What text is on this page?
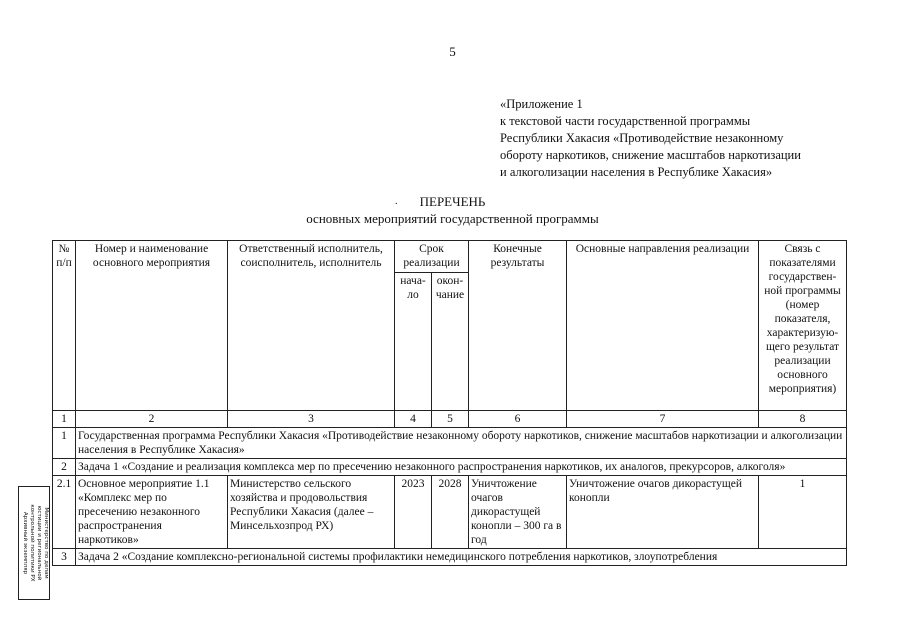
5
«Приложение 1
к текстовой части государственной программы
Республики Хакасия «Противодействие незаконному
обороту наркотиков, снижение масштабов наркотизации
и алкоголизации населения в Республике Хакасия»
.	ПЕРЕЧЕНЬ
основных мероприятий государственной программы
№ п/п	Номер и наименование основного мероприятия	Ответственный исполнитель, соисполнитель, исполнитель	Срок реализации		Конечные результаты	Основные направления реализации	Связь с показателями государствен- ной программы (номер показателя, характеризую- щего результат реализации основного мероприятия)
			нача- ло	окон- чание			
1	2	3	4	5	6	7	8
1	Государственная программа Республики Хакасия «Противодействие незаконному обороту наркотиков, снижение масштабов наркотизации и алкоголизации населения в Республике Хакасия»						
2	Задача 1 «Создание и реализация комплекса мер по пресечению незаконного распространения наркотиков, их аналогов, прекурсоров, алкоголя»						
2.1	Основное мероприятие 1.1 «Комплекс мер по пресечению незаконного распространения наркотиков»	Министерство сельского хозяйства и продовольствия Республики Хакасия (далее – Минсельхозпрод РХ)	2023	2028	Уничтожение очагов дикорастущей конопли – 300 га в год	Уничтожение очагов дикорастущей конопли	1
3	Задача 2 «Создание комплексно-региональной системы профилактики немедицинского потребления наркотиков, злоупотребления						
Министерство по делам
юстиции и региональной
контрольной политики РХ
Архивный экземпляр
